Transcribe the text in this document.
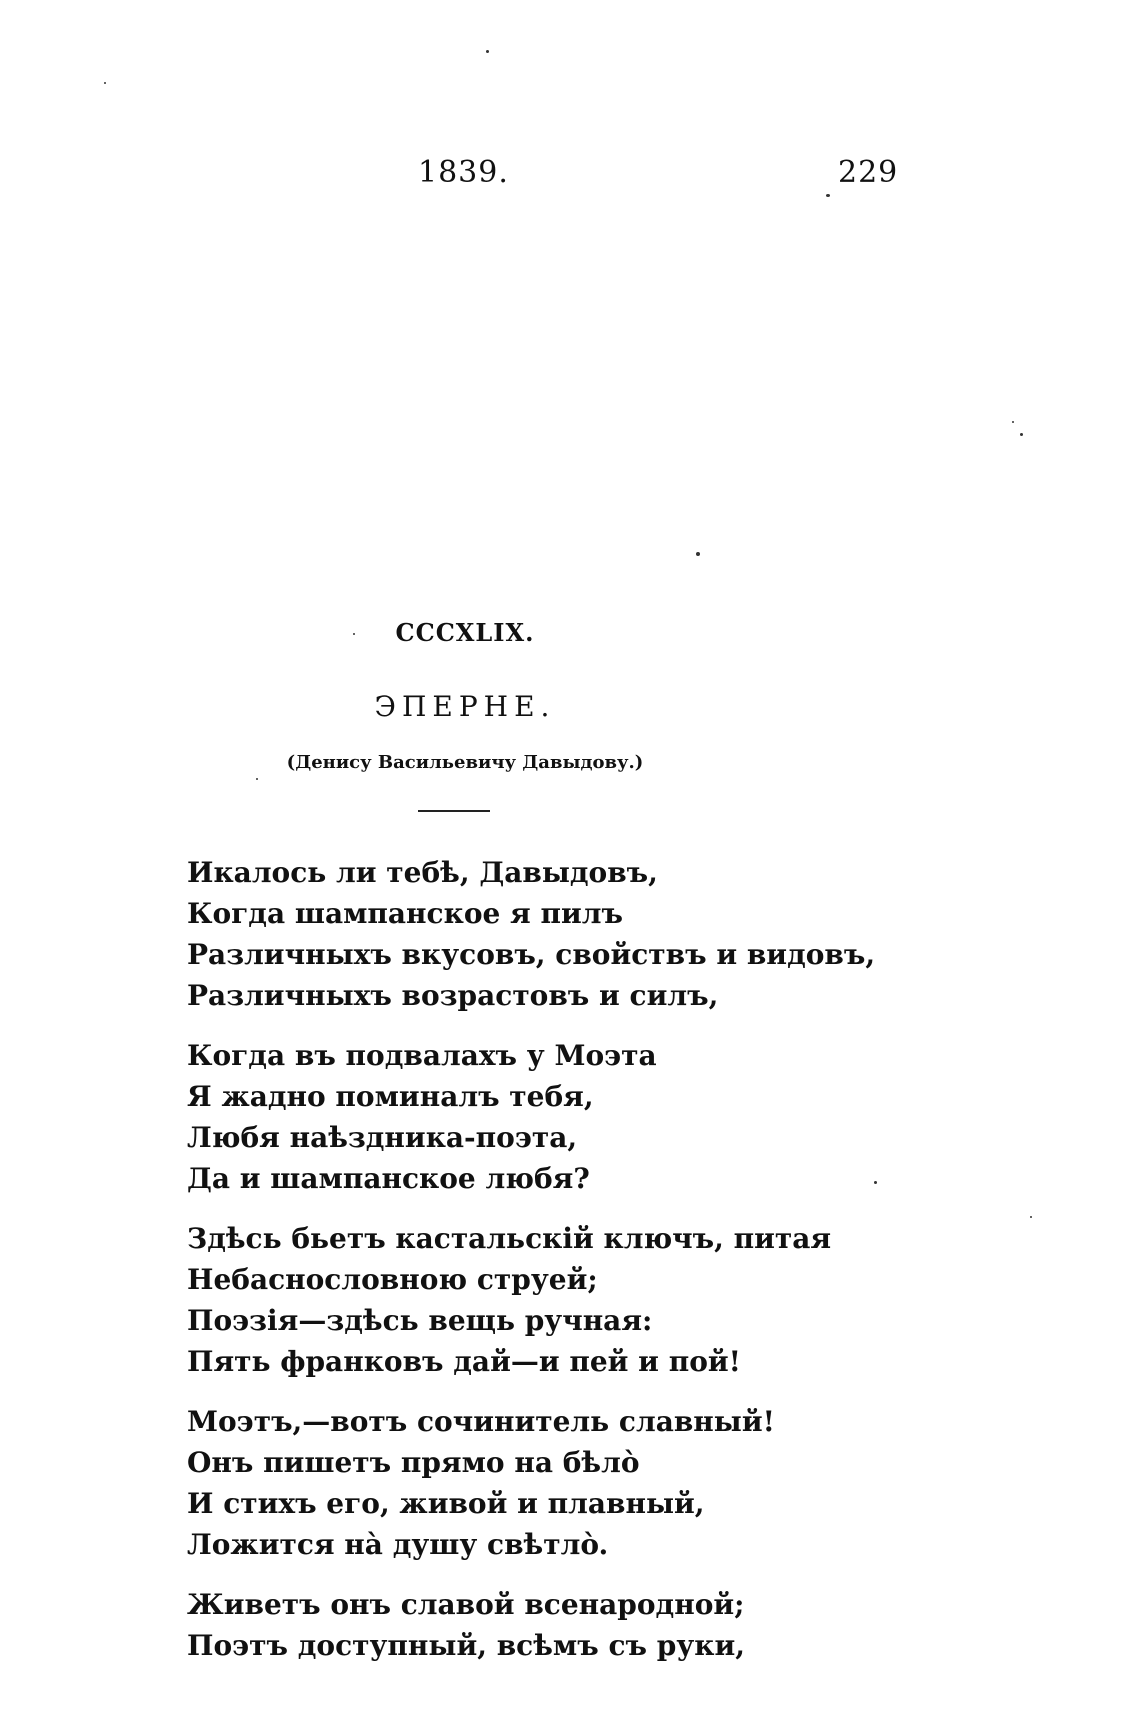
1839.	229
CCCXLIX.
ЭПЕРНЕ.
(Денису Васильевичу Давыдову.)
Икалось ли тебѣ, Давыдовъ,
Когда шампанское я пилъ
Различныхъ вкусовъ, свойствъ и видовъ,
Различныхъ возрастовъ и силъ,
Когда въ подвалахъ у Моэта
Я жадно поминалъ тебя,
Любя наѣздника-поэта,
Да и шампанское любя?
Здѣсь бьетъ кастальскій ключъ, питая
Небаснословною струей;
Поэзія—здѣсь вещь ручная:
Пять франковъ дай—и пей и пой!
Моэтъ,—вотъ сочинитель славный!
Онъ пишетъ прямо на бѣлò
И стихъ его, живой и плавный,
Ложится нà душу свѣтлò.
Живетъ онъ славой всенародной;
Поэтъ доступный, всѣмъ съ руки,
